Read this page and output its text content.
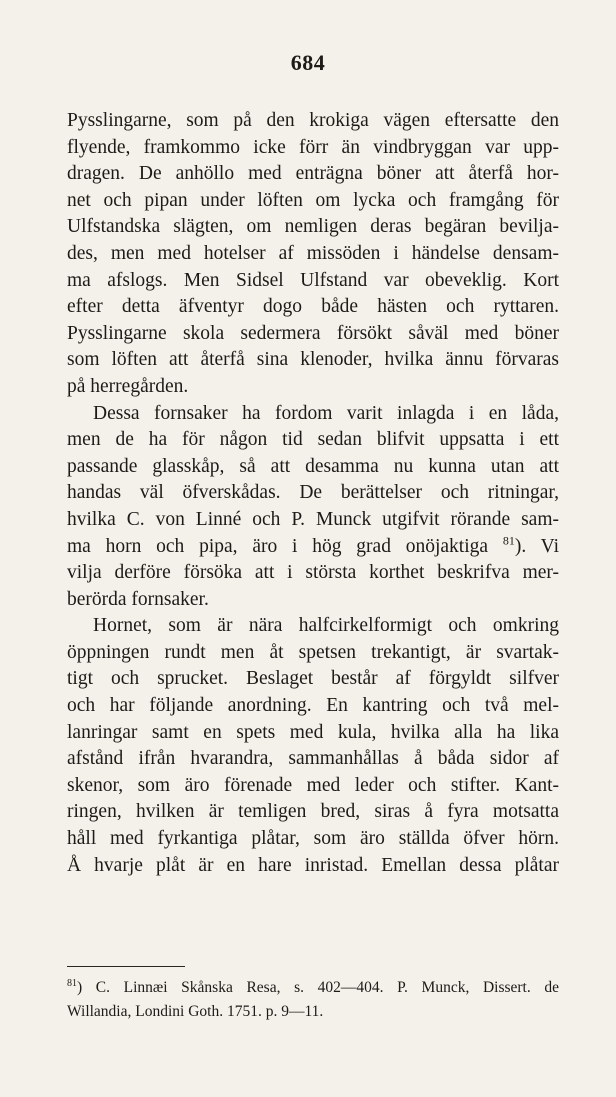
684
Pysslingarne, som på den krokiga vägen eftersatte den
flyende, framkommo icke förr än vindbryggan var upp-
dragen. De anhöllo med enträgna böner att återfå hor-
net och pipan under löften om lycka och framgång för
Ulfstandska slägten, om nemligen deras begäran bevilja-
des, men med hotelser af missöden i händelse densam-
ma afslogs. Men Sidsel Ulfstand var obeveklig. Kort
efter detta äfventyr dogo både hästen och ryttaren.
Pysslingarne skola sedermera försökt såväl med böner
som löften att återfå sina klenoder, hvilka ännu förvaras
på herregården.
Dessa fornsaker ha fordom varit inlagda i en låda,
men de ha för någon tid sedan blifvit uppsatta i ett
passande glasskåp, så att desamma nu kunna utan att
handas väl öfverskådas. De berättelser och ritningar,
hvilka C. von Linné och P. Munck utgifvit rörande sam-
ma horn och pipa, äro i hög grad onöjaktiga $^{81}$). Vi
vilja derföre försöka att i största korthet beskrifva mer-
berörda fornsaker.
Hornet, som är nära halfcirkelformigt och omkring
öppningen rundt men åt spetsen trekantigt, är svartak-
tigt och sprucket. Beslaget består af förgyldt silfver
och har följande anordning. En kantring och två mel-
lanringar samt en spets med kula, hvilka alla ha lika
afstånd ifrån hvarandra, sammanhållas å båda sidor af
skenor, som äro förenade med leder och stifter. Kant-
ringen, hvilken är temligen bred, siras å fyra motsatta
håll med fyrkantiga plåtar, som äro ställda öfver hörn.
Å hvarje plåt är en hare inristad. Emellan dessa plåtar
$^{81}$) C. Linnæi Skånska Resa, s. 402—404. P. Munck, Dissert. de
Willandia, Londini Goth. 1751. p. 9—11.
